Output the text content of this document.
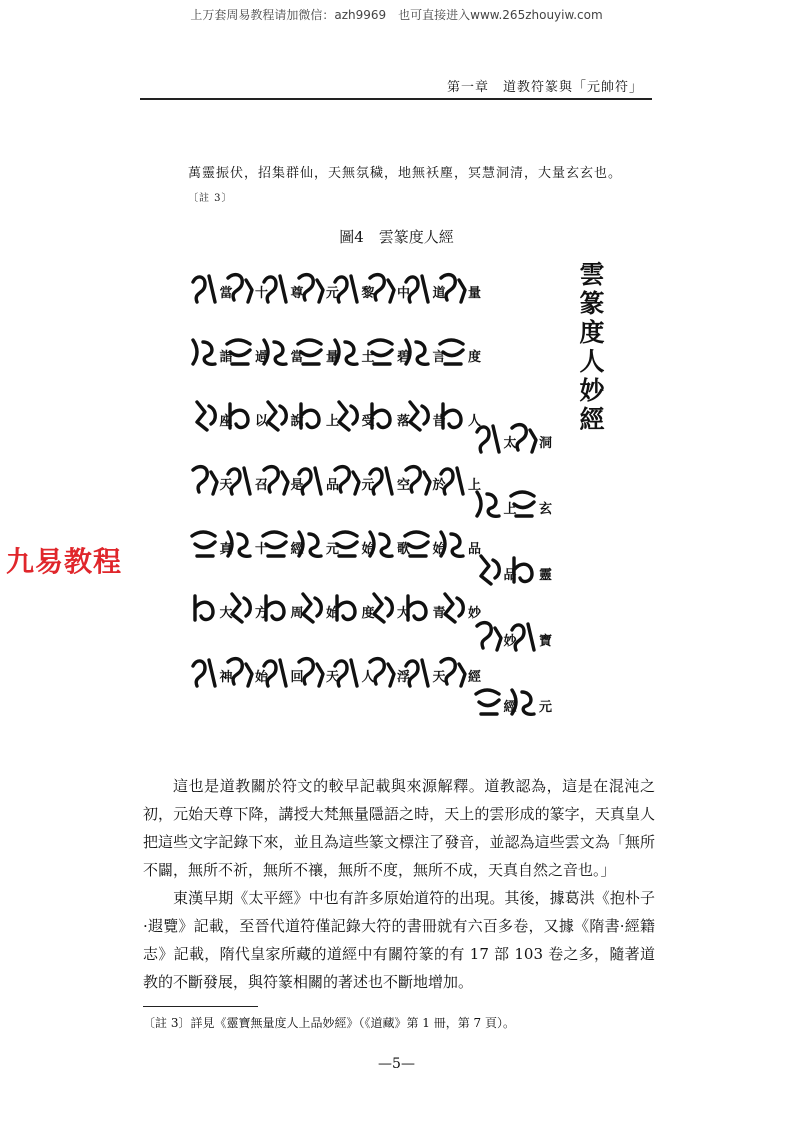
上万套周易教程请加微信：azh9969　也可直接进入www.265zhouyiw.com
第一章　道教符篆與「元帥符」
萬靈振伏，招集群仙，天無氛穢，地無袄塵，冥慧洞清，大量玄玄也。〔註 3〕
圖4　雲篆度人經
雲篆度人妙經
洞
玄
靈
寶
元
太
上
品
妙
經
量
度
人
上
品
妙
經
道
言
昔
於
始
青
天
中
碧
落
空
歌
大
浮
黎
土
受
元
始
度
人
元
量
上
品
元
始
天
尊
當
說
是
經
周
回
十
過
以
召
十
方
始
當
詣
座
天
真
大
神
九易教程

這也是道教關於符文的較早記載與來源解釋。道教認為，這是在混沌之初，元始天尊下降，講授大梵無量隱語之時，天上的雲形成的篆字，天真皇人把這些文字記錄下來，並且為這些篆文標注了發音，並認為這些雲文為「無所不闢，無所不祈，無所不禳，無所不度，無所不成，天真自然之音也。」

東漢早期《太平經》中也有許多原始道符的出現。其後，據葛洪《抱朴子·遐覽》記載，至晉代道符僅記錄大符的書冊就有六百多卷，又據《隋書·經籍志》記載，隋代皇家所藏的道經中有關符篆的有 17 部 103 卷之多，隨著道教的不斷發展，與符篆相關的著述也不斷地增加。

〔註 3〕詳見《靈寶無量度人上品妙經》（《道藏》第 1 冊，第 7 頁）。
—5—
